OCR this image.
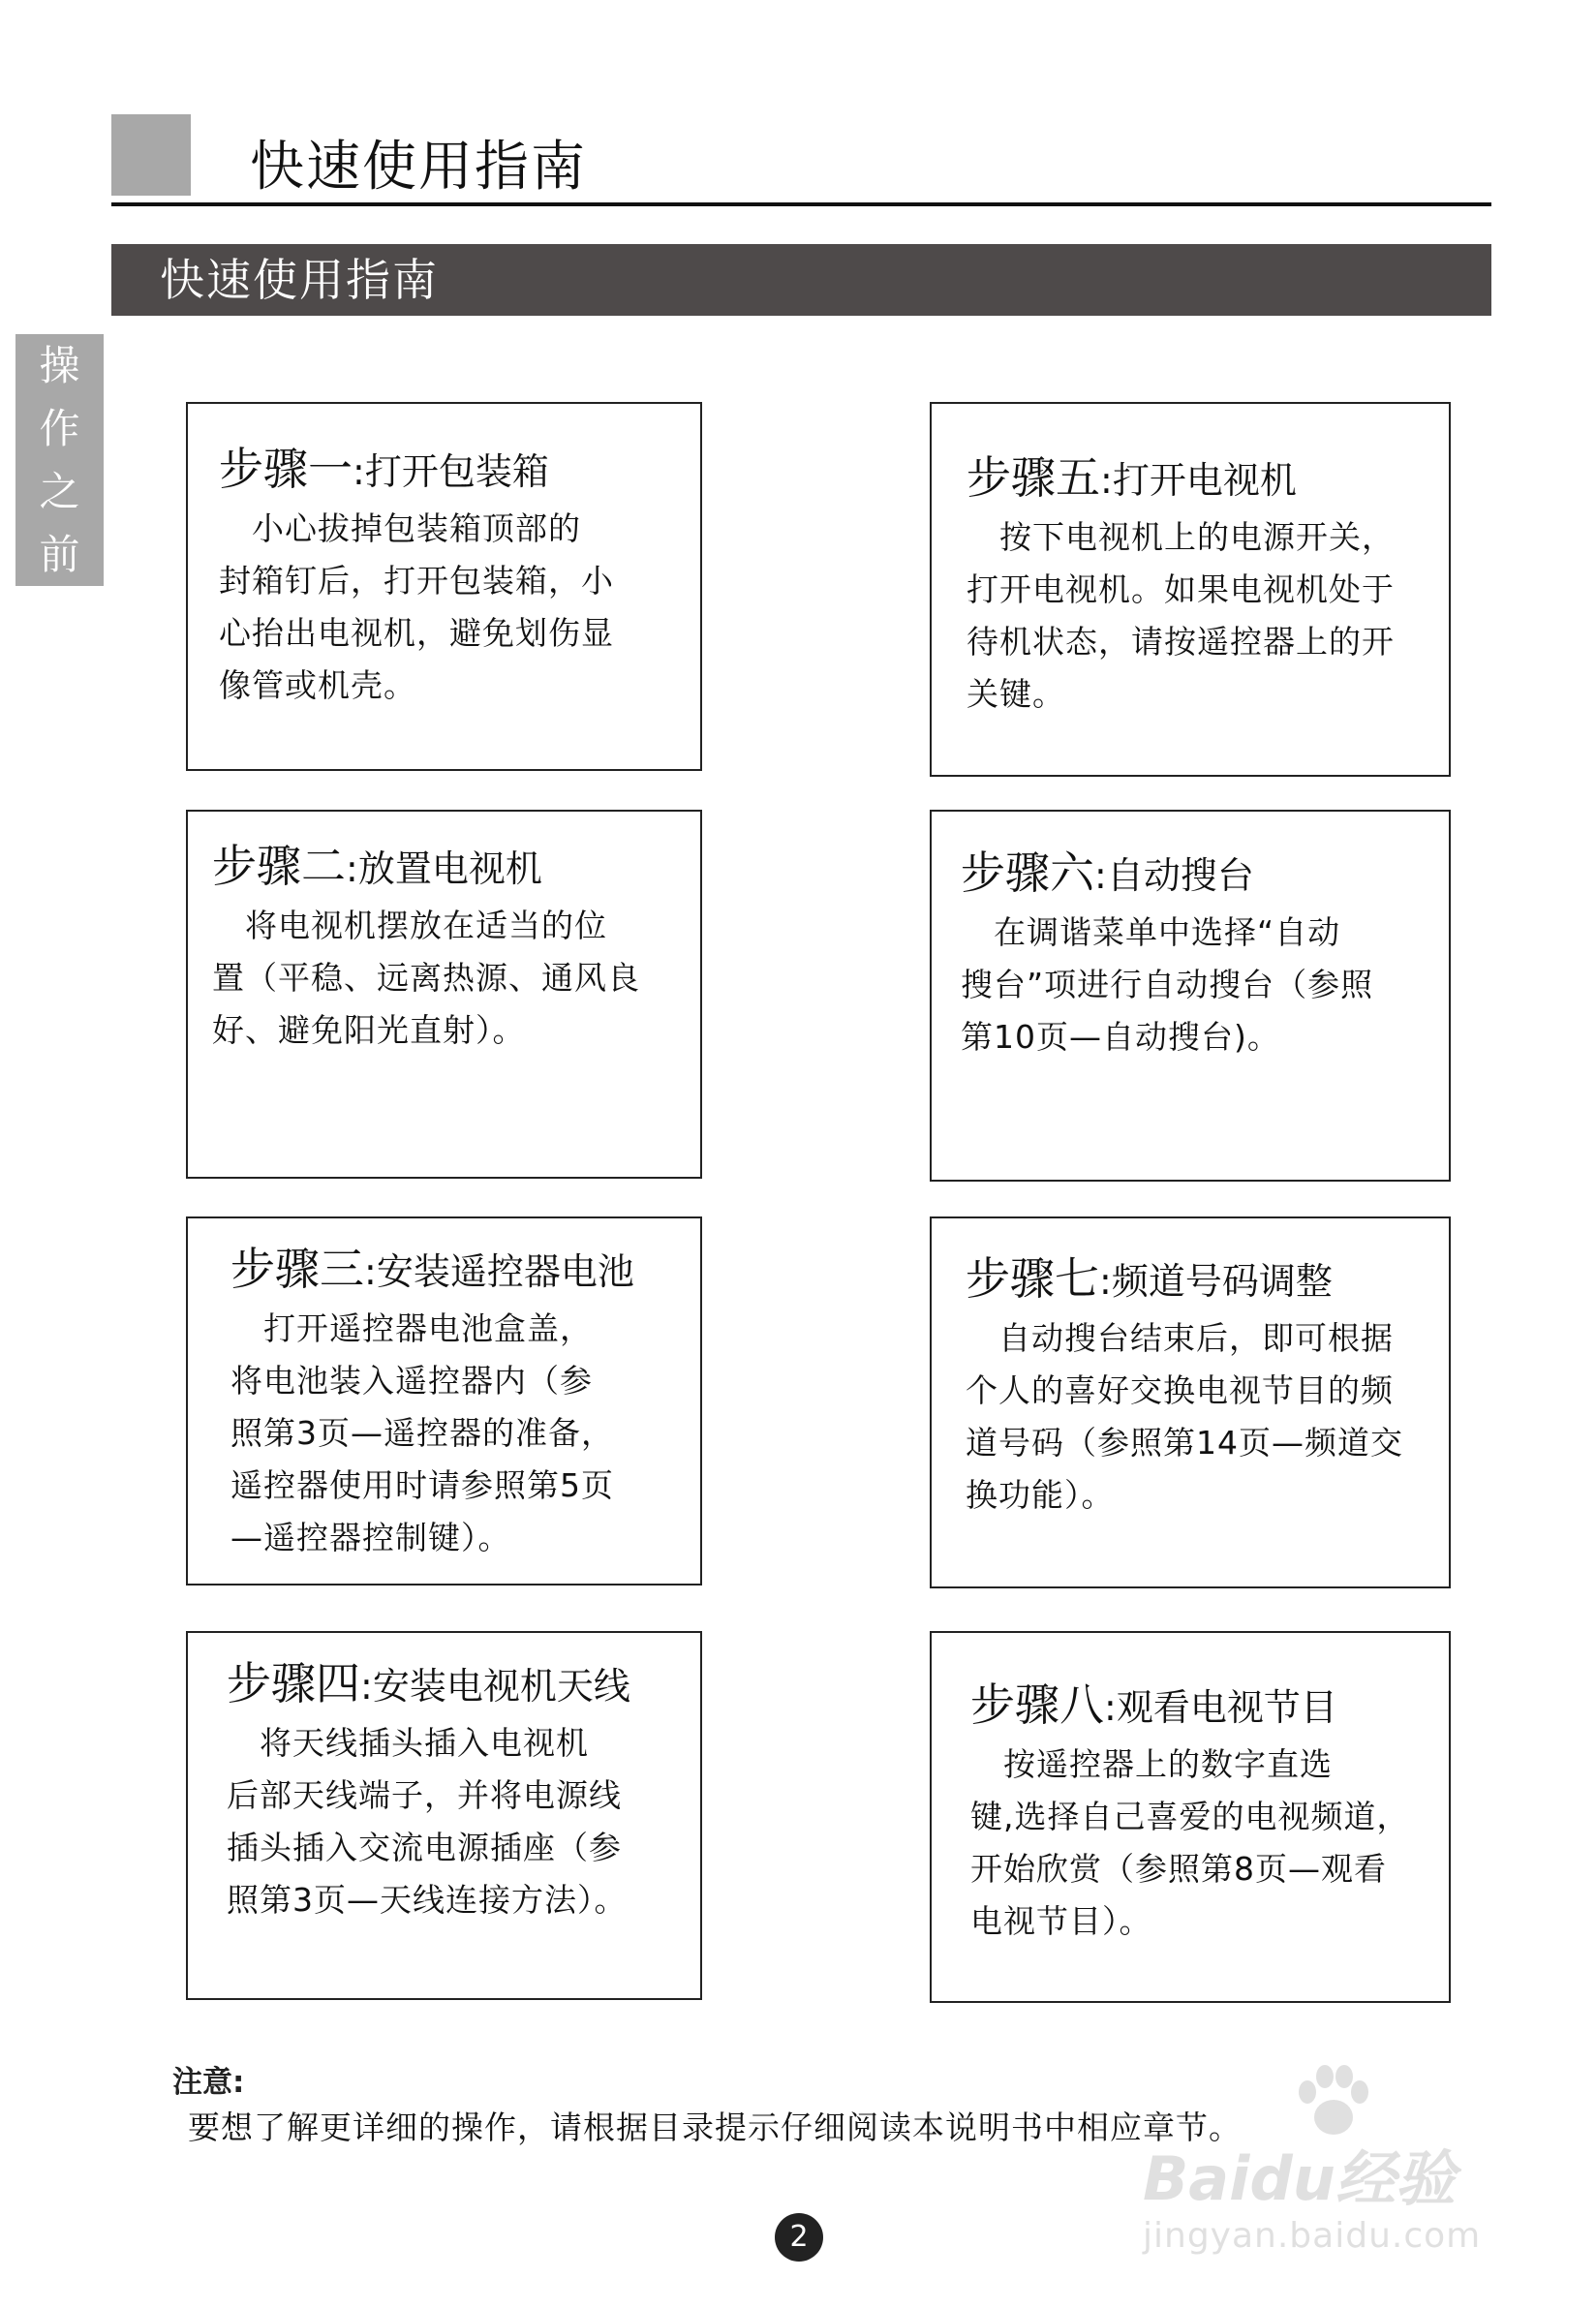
快速使用指南
快速使用指南
操
作
之
前
步骤一:打开包装箱
　小心拔掉包装箱顶部的
封箱钉后，打开包装箱，小
心抬出电视机，避免划伤显
像管或机壳。
步骤二:放置电视机
　将电视机摆放在适当的位
置（平稳、远离热源、通风良
好、避免阳光直射）。
步骤三:安装遥控器电池
　打开遥控器电池盒盖，
将电池装入遥控器内（参
照第3页—遥控器的准备，
遥控器使用时请参照第5页
—遥控器控制键）。
步骤四:安装电视机天线
　将天线插头插入电视机
后部天线端子，并将电源线
插头插入交流电源插座（参
照第3页—天线连接方法）。
步骤五:打开电视机
　按下电视机上的电源开关，
打开电视机。如果电视机处于
待机状态，请按遥控器上的开
关键。
步骤六:自动搜台
　在调谐菜单中选择“自动
搜台”项进行自动搜台（参照
第10页—自动搜台)。
步骤七:频道号码调整
　自动搜台结束后，即可根据
个人的喜好交换电视节目的频
道号码（参照第14页—频道交
换功能）。
步骤八:观看电视节目
　按遥控器上的数字直选
键,选择自己喜爱的电视频道，
开始欣赏（参照第8页—观看
电视节目）。
注意:
要想了解更详细的操作，请根据目录提示仔细阅读本说明书中相应章节。
2
Baidu经验
jingyan.baidu.com
